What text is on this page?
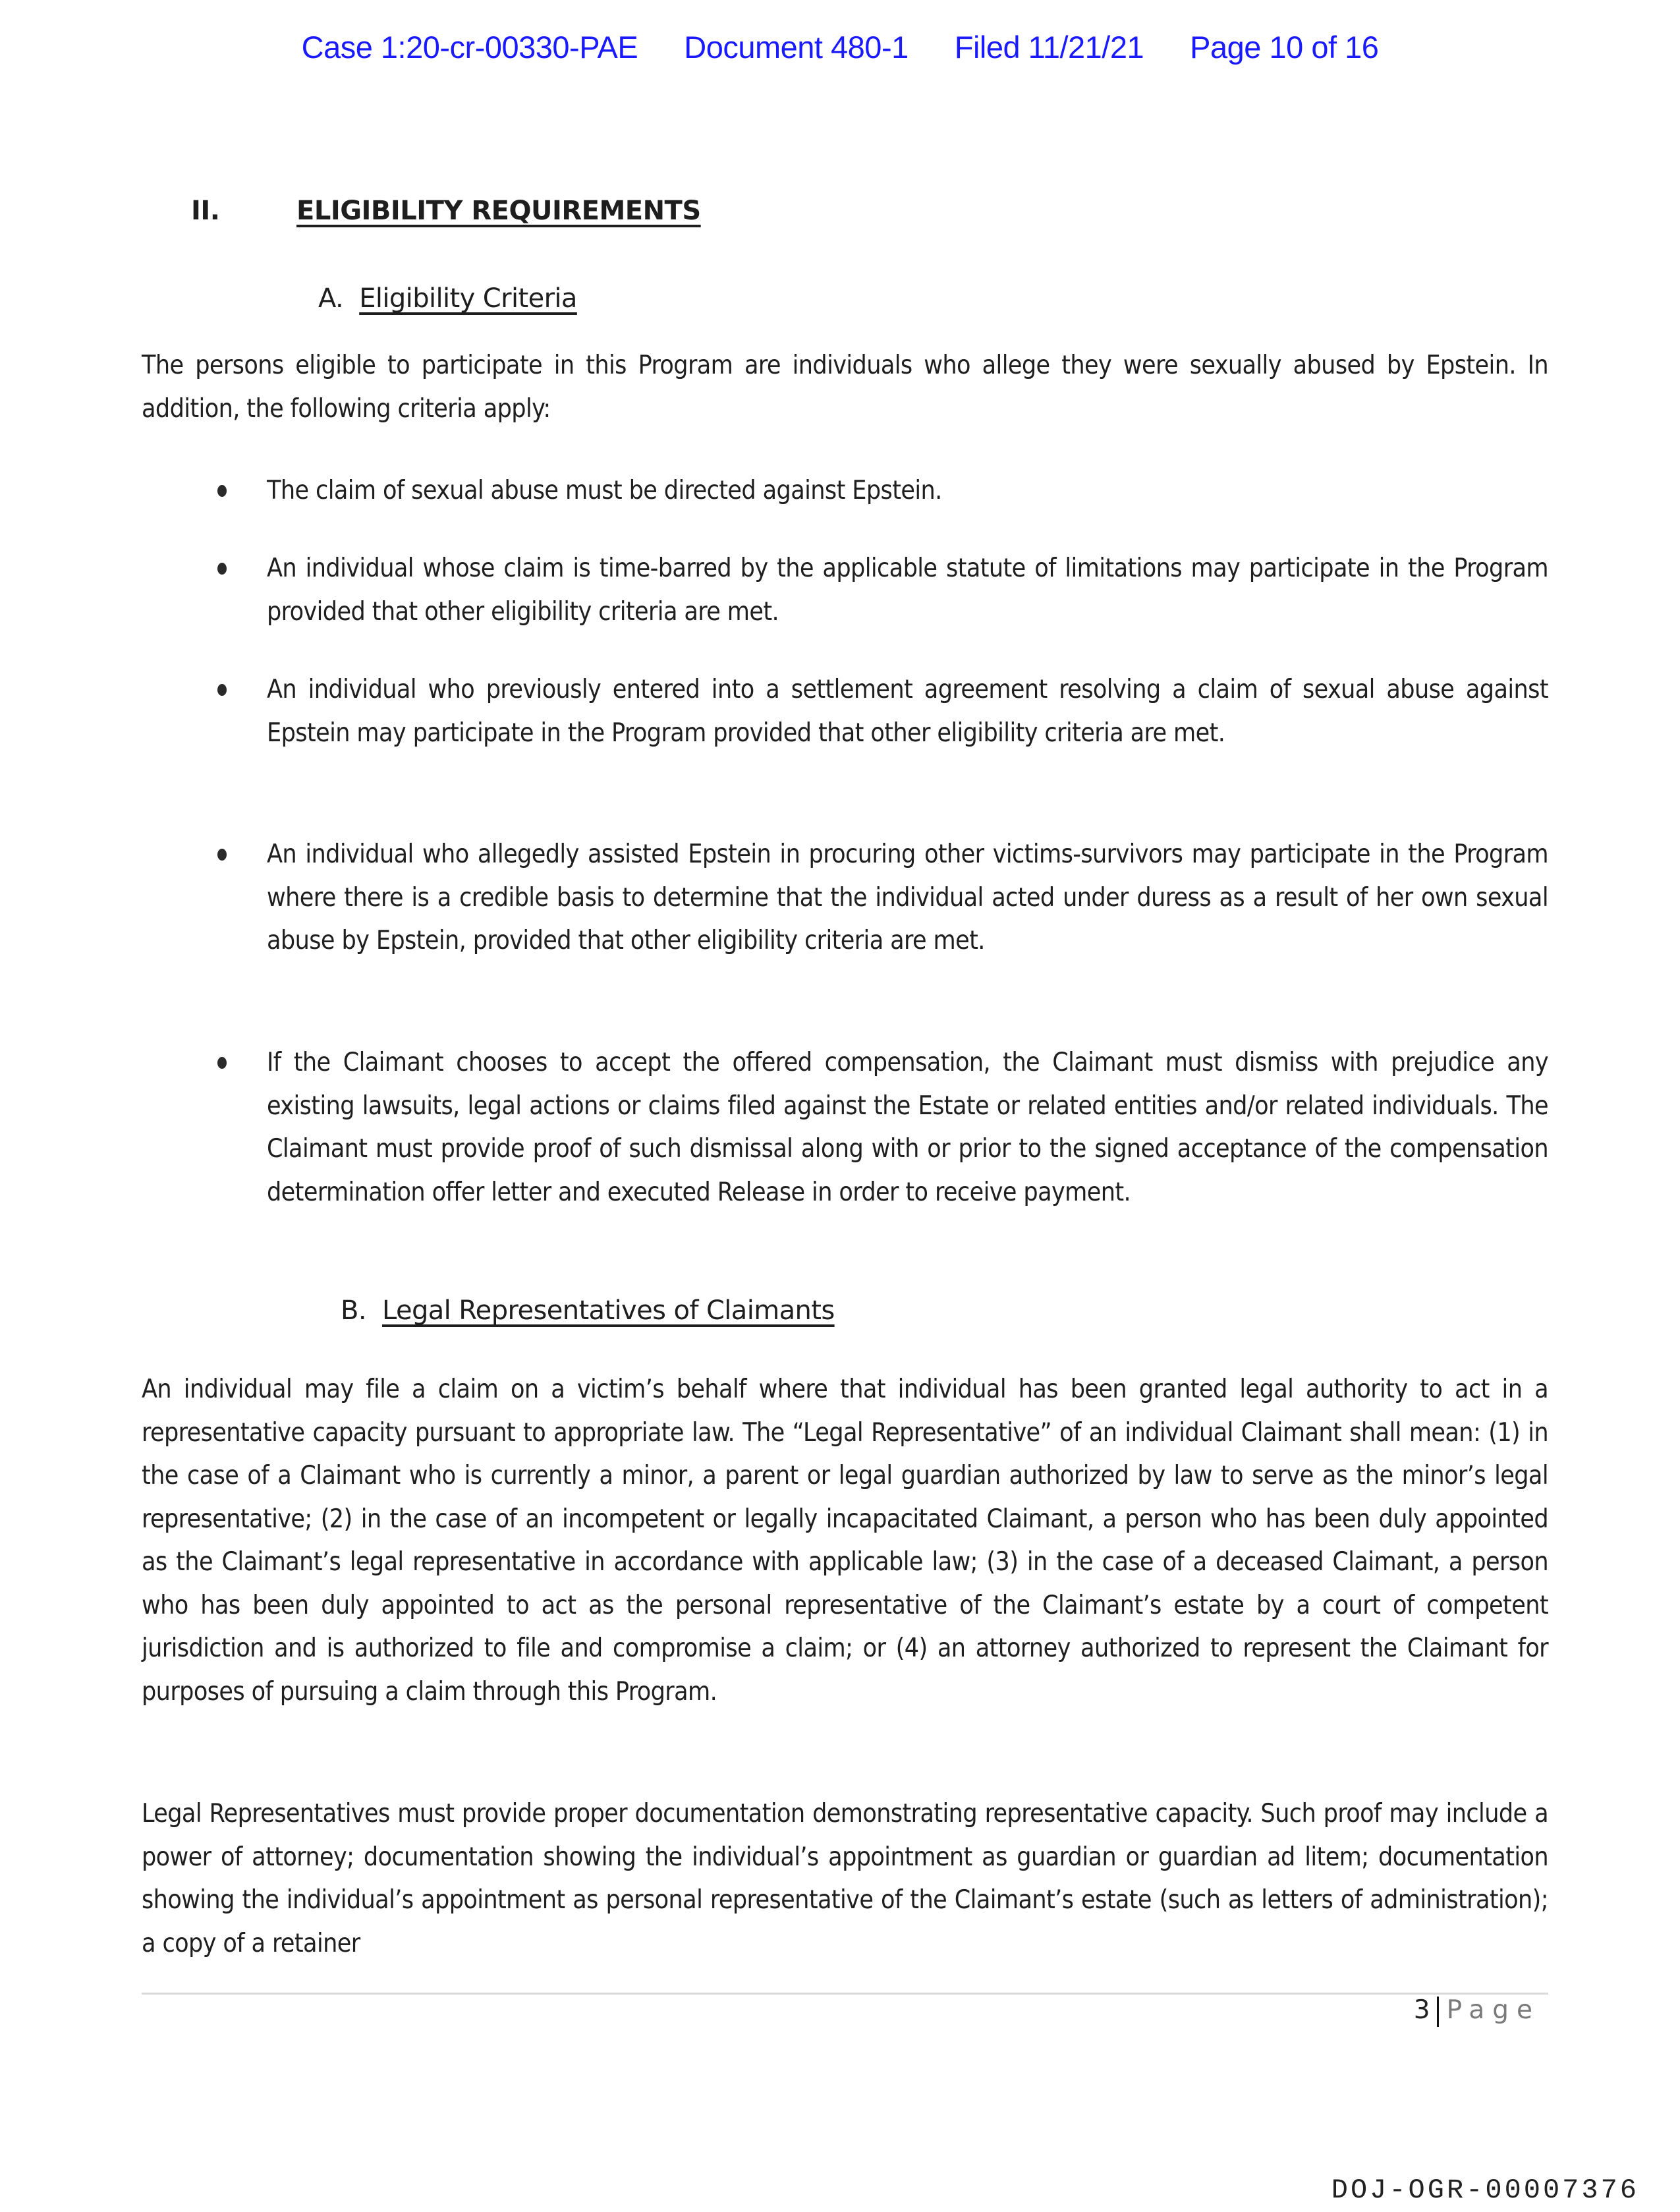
Case 1:20-cr-00330-PAE Document 480-1 Filed 11/21/21 Page 10 of 16
II.	ELIGIBILITY REQUIREMENTS
A. Eligibility Criteria
The persons eligible to participate in this Program are individuals who allege they were sexually abused by Epstein. In addition, the following criteria apply:
The claim of sexual abuse must be directed against Epstein.
An individual whose claim is time-barred by the applicable statute of limitations may participate in the Program provided that other eligibility criteria are met.
An individual who previously entered into a settlement agreement resolving a claim of sexual abuse against Epstein may participate in the Program provided that other eligibility criteria are met.
An individual who allegedly assisted Epstein in procuring other victims-survivors may participate in the Program where there is a credible basis to determine that the individual acted under duress as a result of her own sexual abuse by Epstein, provided that other eligibility criteria are met.
If the Claimant chooses to accept the offered compensation, the Claimant must dismiss with prejudice any existing lawsuits, legal actions or claims filed against the Estate or related entities and/or related individuals. The Claimant must provide proof of such dismissal along with or prior to the signed acceptance of the compensation determination offer letter and executed Release in order to receive payment.
B. Legal Representatives of Claimants
An individual may file a claim on a victim’s behalf where that individual has been granted legal authority to act in a representative capacity pursuant to appropriate law. The “Legal Representative” of an individual Claimant shall mean: (1) in the case of a Claimant who is currently a minor, a parent or legal guardian authorized by law to serve as the minor’s legal representative; (2) in the case of an incompetent or legally incapacitated Claimant, a person who has been duly appointed as the Claimant’s legal representative in accordance with applicable law; (3) in the case of a deceased Claimant, a person who has been duly appointed to act as the personal representative of the Claimant’s estate by a court of competent jurisdiction and is authorized to file and compromise a claim; or (4) an attorney authorized to represent the Claimant for purposes of pursuing a claim through this Program.
Legal Representatives must provide proper documentation demonstrating representative capacity. Such proof may include a power of attorney; documentation showing the individual’s appointment as guardian or guardian ad litem; documentation showing the individual’s appointment as personal representative of the Claimant’s estate (such as letters of administration); a copy of a retainer
3 Page
DOJ-OGR-00007376
